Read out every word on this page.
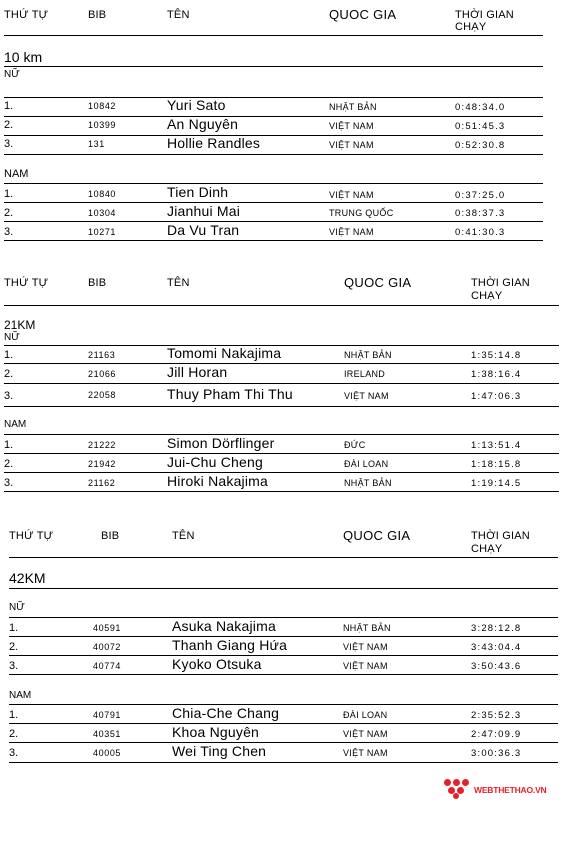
THỨ TỰ	BIB	TÊN	QUOC GIA	THỜI GIAN
CHẠY
10 km
NỮ
1.	10842	Yuri Sato	NHẬT BẢN	0:48:34.0
2.	10399	An Nguyên	VIỆT NAM	0:51:45.3
3.	131	Hollie Randles	VIỆT NAM	0:52:30.8
NAM
1.	10840	Tien Dinh	VIỆT NAM	0:37:25.0
2.	10304	Jianhui Mai	TRUNG QUỐC	0:38:37.3
3.	10271	Da Vu Tran	VIỆT NAM	0:41:30.3
THỨ TỰ	BIB	TÊN	QUOC GIA	THỜI GIAN
CHẠY
21KM
NỮ
1.	21163	Tomomi Nakajima	NHẬT BẢN	1:35:14.8
2.	21066	Jill Horan	IRELAND	1:38:16.4
3.	22058	Thuy Pham Thi Thu	VIỆT NAM	1:47:06.3
NAM
1.	21222	Simon Dörflinger	ĐỨC	1:13:51.4
2.	21942	Jui-Chu Cheng	ĐÀI LOAN	1:18:15.8
3.	21162	Hiroki Nakajima	NHẬT BẢN	1:19:14.5
THỨ TỰ	BIB	TÊN	QUOC GIA	THỜI GIAN
CHẠY
42KM
NỮ
1.	40591	Asuka Nakajima	NHẬT BẢN	3:28:12.8
2.	40072	Thanh Giang Hứa	VIỆT NAM	3:43:04.4
3.	40774	Kyoko Otsuka	VIỆT NAM	3:50:43.6
NAM
1.	40791	Chia-Che Chang	ĐÀI LOAN	2:35:52.3
2.	40351	Khoa Nguyên	VIỆT NAM	2:47:09.9
3.	40005	Wei Ting Chen	VIỆT NAM	3:00:36.3
WEBTHETHAO.VN
